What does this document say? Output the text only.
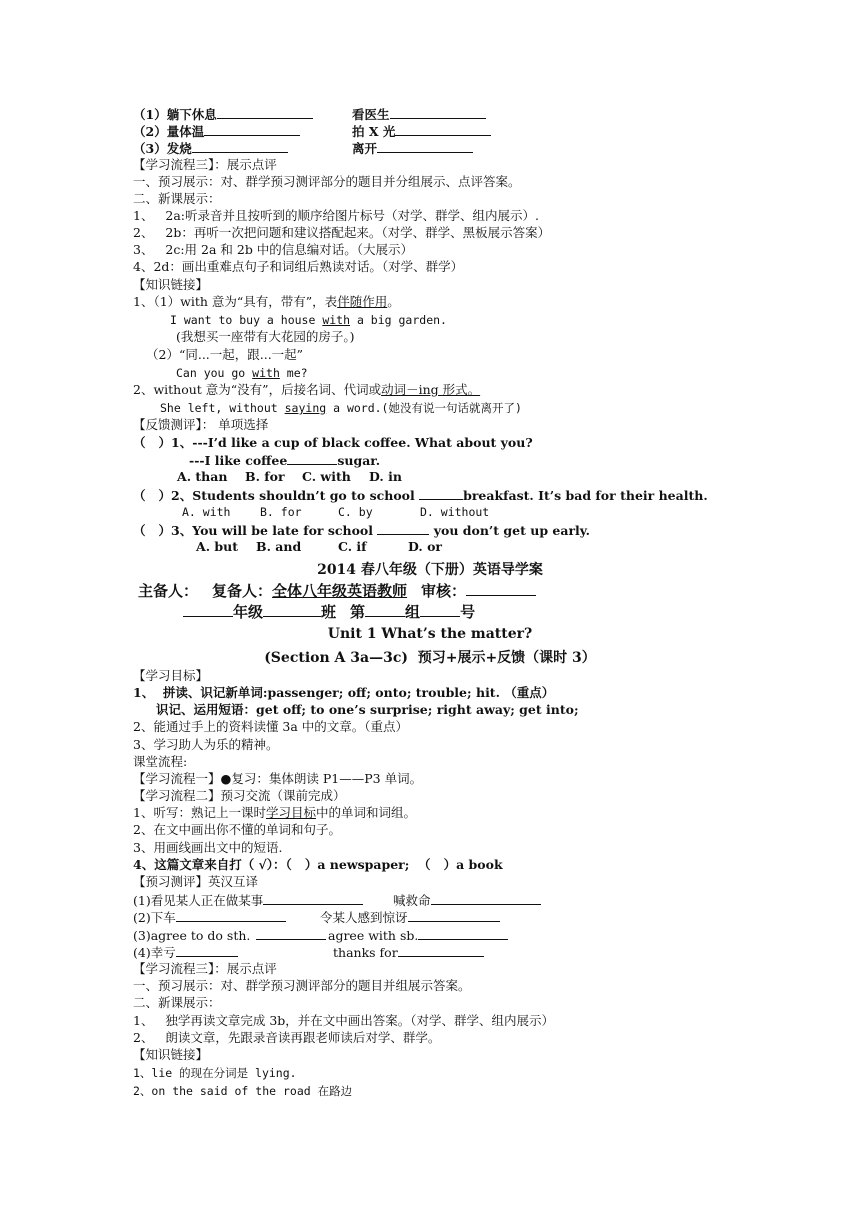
（1）躺下休息	看医生
（2）量体温	拍 X 光
（3）发烧	离开
【学习流程三】：展示点评
一、预习展示：对、群学预习测评部分的题目并分组展示、点评答案。
二、新课展示：
1、   2a:听录音并且按听到的顺序给图片标号（对学、群学、组内展示）.
2、   2b：再听一次把问题和建议搭配起来。（对学、群学、黑板展示答案）
3、   2c:用 2a 和 2b 中的信息编对话。（大展示）
4、2d：画出重难点句子和词组后熟读对话。（对学、群学）
【知识链接】
1、（1）with 意为“具有，带有”，表伴随作用。
I want to buy a house with a big garden.
(我想买一座带有大花园的房子。)
（2）“同...一起，跟...一起”
Can you go with me?
2、without 意为“没有”，后接名词、代词或动词－ing 形式。
She left, without saying a word.(她没有说一句话就离开了)
【反馈测评】： 单项选择
（   ）1、---I’d like a cup of black coffee. What about you?
---I like coffee	sugar.
A. than B. for C. with D. in
（   ）2、Students shouldn’t go to school	breakfast. It’s bad for their health.
A. with	B. for	C. by	D. without
（   ）3、You will be late for school	you don’t get up early.
A. but B. and	C. if	D. or
2014 春八年级（下册）英语导学案
主备人： 复备人：全体八年级英语教师 审核：
年级	班 第	组	号
Unit 1 What’s the matter?
(Section A 3a—3c)  预习+展示+反馈（课时 3）
【学习目标】
1、  拼读、识记新单词:passenger; off; onto; trouble; hit. （重点）
识记、运用短语：get off; to one’s surprise; right away; get into;
2、能通过手上的资料读懂 3a 中的文章。（重点）
3、学习助人为乐的精神。
课堂流程:
【学习流程一】●复习：集体朗读 P1——P3 单词。
【学习流程二】预习交流（课前完成）
1、听写：熟记上一课时学习目标中的单词和词组。
2、在文中画出你不懂的单词和句子。
3、用画线画出文中的短语.
4、这篇文章来自打（ √）：（   ）a newspaper;  （   ）a book
【预习测评】英汉互译
(1)看见某人正在做某事	喊救命
(2)下车	令某人感到惊讶
(3)agree to do sth.	agree with sb.
(4)幸亏	thanks for
【学习流程三】：展示点评
一、预习展示：对、群学预习测评部分的题目并组展示答案。
二、新课展示：
1、   独学再读文章完成 3b，并在文中画出答案。（对学、群学、组内展示）
2、   朗读文章，先跟录音读再跟老师读后对学、群学。
【知识链接】
1、lie 的现在分词是 lying.
2、on the said of the road 在路边
